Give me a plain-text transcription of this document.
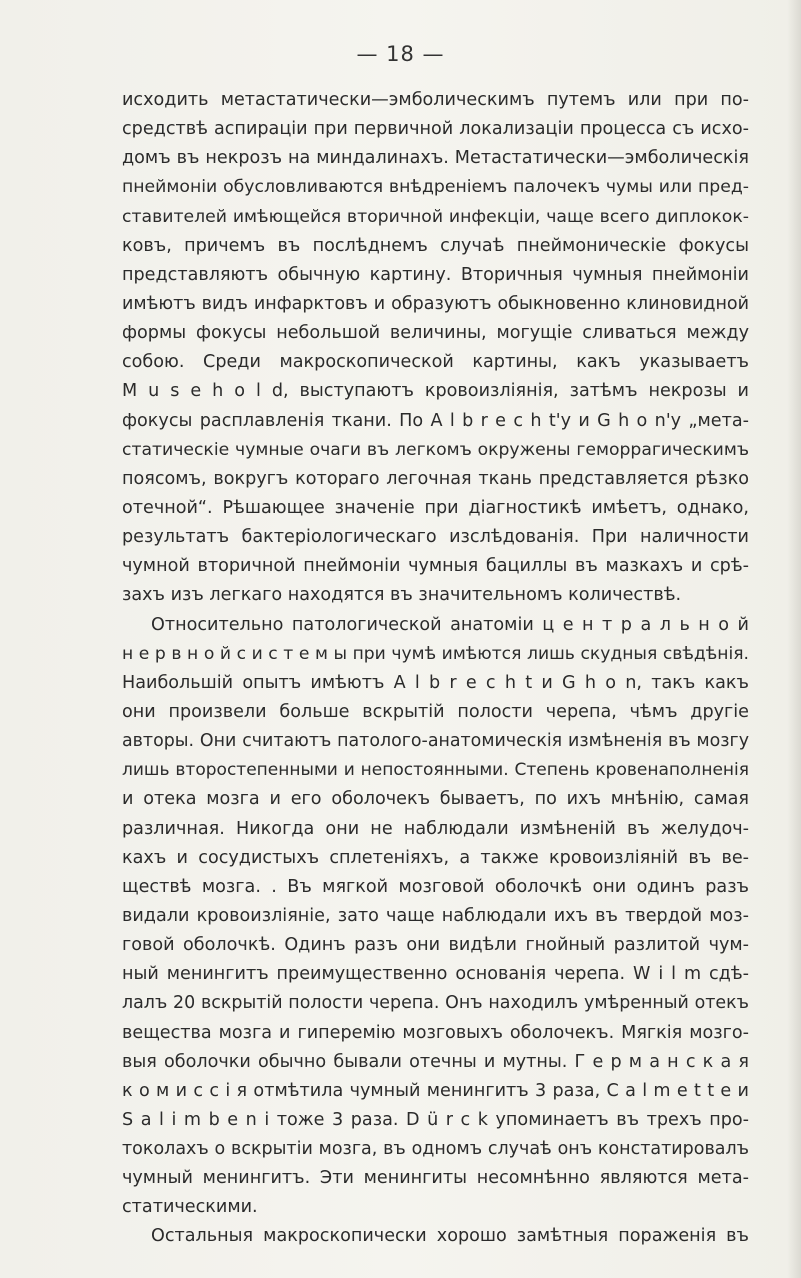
— 18 —
исходить метастатически—эмболическимъ путемъ или при по-
средствѣ аспираціи при первичной локализаціи процесса съ исхо-
домъ въ некрозъ на миндалинахъ. Метастатически—эмболическія
пнеймоніи обусловливаются внѣдреніемъ палочекъ чумы или пред-
ставителей имѣющейся вторичной инфекціи, чаще всего диплокок-
ковъ, причемъ въ послѣднемъ случаѣ пнеймоническіе фокусы
представляютъ обычную картину. Вторичныя чумныя пнеймоніи
имѣютъ видъ инфарктовъ и образуютъ обыкновенно клиновидной
формы фокусы небольшой величины, могущіе сливаться между
собою. Среди макроскопической картины, какъ указываетъ
M u s e h o l d, выступаютъ кровоизліянія, затѣмъ некрозы и
фокусы расплавленія ткани. По A l b r e c h t'у и G h o n'у „мета-
статическіе чумные очаги въ легкомъ окружены геморрагическимъ
поясомъ, вокругъ котораго легочная ткань представляется рѣзко
отечной“. Рѣшающее значеніе при діагностикѣ имѣетъ, однако,
результатъ бактеріологическаго изслѣдованія. При наличности
чумной вторичной пнеймоніи чумныя бациллы въ мазкахъ и срѣ-
захъ изъ легкаго находятся въ значительномъ количествѣ.
Относительно патологической анатоміи ц е н т р а л ь н о й
н е р в н о й с и с т е м ы при чумѣ имѣются лишь скудныя свѣдѣнія.
Наибольшій опытъ имѣютъ A l b r e c h t и G h o n, такъ какъ
они произвели больше вскрытій полости черепа, чѣмъ другіе
авторы. Они считаютъ патолого-анатомическія измѣненія въ мозгу
лишь второстепенными и непостоянными. Степень кровенаполненія
и отека мозга и его оболочекъ бываетъ, по ихъ мнѣнію, самая
различная. Никогда они не наблюдали измѣненій въ желудоч-
кахъ и сосудистыхъ сплетеніяхъ, а также кровоизліяній въ ве-
ществѣ мозга. . Въ мягкой мозговой оболочкѣ они одинъ разъ
видали кровоизліяніе, зато чаще наблюдали ихъ въ твердой моз-
говой оболочкѣ. Одинъ разъ они видѣли гнойный разлитой чум-
ный менингитъ преимущественно основанія черепа. W i l m сдѣ-
лалъ 20 вскрытій полости черепа. Онъ находилъ умѣренный отекъ
вещества мозга и гиперемію мозговыхъ оболочекъ. Мягкія мозго-
выя оболочки обычно бывали отечны и мутны. Г е р м а н с к а я
к о м и с с і я отмѣтила чумный менингитъ 3 раза, C a l m e t t e и
S a l i m b e n i тоже 3 раза. D ü r c k упоминаетъ въ трехъ про-
токолахъ о вскрытіи мозга, въ одномъ случаѣ онъ констатировалъ
чумный менингитъ. Эти менингиты несомнѣнно являются мета-
статическими.
Остальныя макроскопически хорошо замѣтныя пораженія въ
